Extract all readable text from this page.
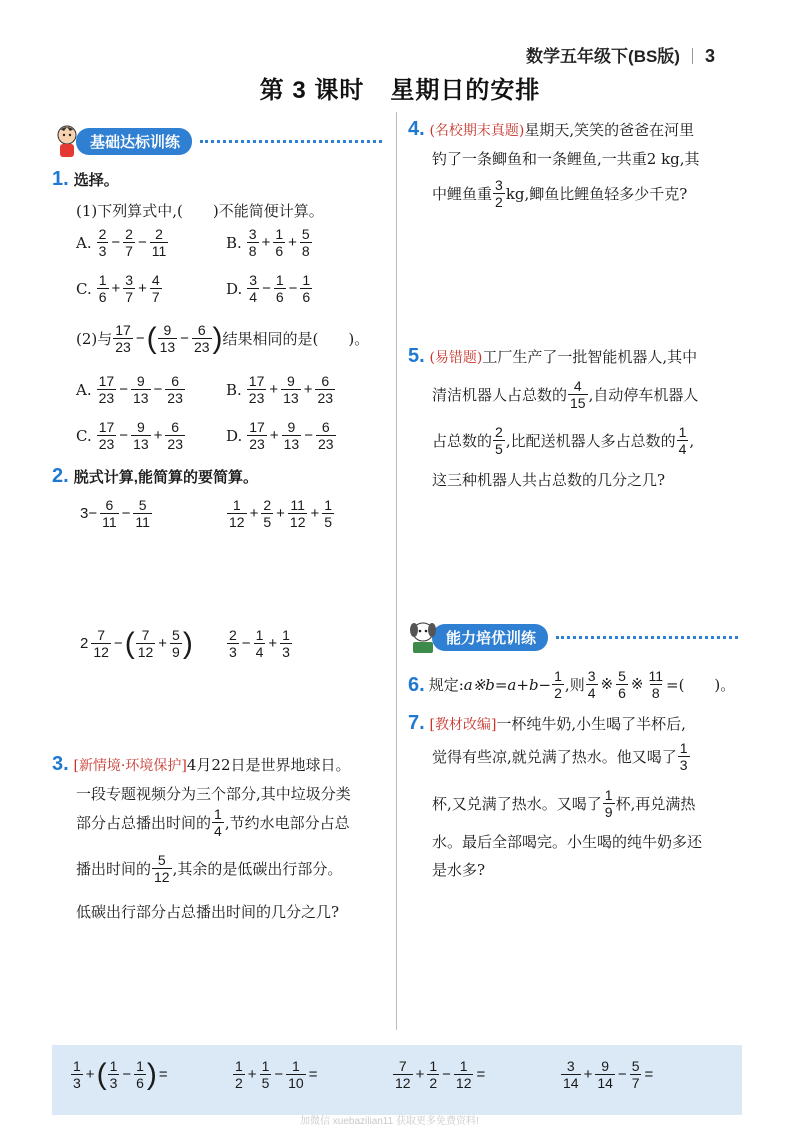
数学五年级下(BS版) 3
第 3 课时 星期日的安排
基础达标训练
1. 选择。
(1)下列算式中,(　　)不能简便计算。
A. $\frac{2}{3} - \frac{2}{7} - \frac{2}{11}$	B. $\frac{3}{8} + \frac{1}{6} + \frac{5}{8}$
C. $\frac{1}{6} + \frac{3}{7} + \frac{4}{7}$	D. $\frac{3}{4} - \frac{1}{6} - \frac{1}{6}$
(2)与 $\frac{17}{23}$ − ( $\frac{9}{13} - \frac{6}{23}$ ) 结果相同的是(　　)。
A. $\frac{17}{23} - \frac{9}{13} - \frac{6}{23}$	B. $\frac{17}{23} + \frac{9}{13} + \frac{6}{23}$
C. $\frac{17}{23} - \frac{9}{13} + \frac{6}{23}$	D. $\frac{17}{23} + \frac{9}{13} - \frac{6}{23}$
2. 脱式计算,能简算的要简算。
$3- \frac{6}{11} - \frac{5}{11}$	$\frac{1}{12} + \frac{2}{5} + \frac{11}{12} + \frac{1}{5}$
$2 \frac{7}{12}$ − ( $\frac{7}{12} + \frac{5}{9}$ ) $\frac{2}{3} - \frac{1}{4} + \frac{1}{3}$
3. [新情境·环境保护]4月22日是世界地球日。
一段专题视频分为三个部分,其中垃圾分类
部分占总播出时间的 $\frac{1}{4}$ ,节约水电部分占总
播出时间的 $\frac{5}{12}$ ,其余的是低碳出行部分。
低碳出行部分占总播出时间的几分之几?
4. (名校期末真题)星期天,笑笑的爸爸在河里
钓了一条鲫鱼和一条鲤鱼,一共重2 kg,其
中鲤鱼重 $\frac{3}{2}$ kg,鲫鱼比鲤鱼轻多少千克?
5. (易错题)工厂生产了一批智能机器人,其中
清洁机器人占总数的 $\frac{4}{15}$ ,自动停车机器人
占总数的 $\frac{2}{5}$ ,比配送机器人多占总数的 $\frac{1}{4}$ ,
这三种机器人共占总数的几分之几?
能力培优训练
6. 规定: a※b=a+b− $\frac{1}{2}$ ,则 $\frac{3}{4}$ ※ $\frac{5}{6}$ ※ $\frac{11}{8}$ =(　　)。
7. [教材改编]一杯纯牛奶,小生喝了半杯后,
觉得有些凉,就兑满了热水。他又喝了 $\frac{1}{3}$
杯,又兑满了热水。又喝了 $\frac{1}{9}$ 杯,再兑满热
水。最后全部喝完。小生喝的纯牛奶多还
是水多?
$\frac{1}{3}$ + ( $\frac{1}{3} - \frac{1}{6}$ ) =	$\frac{1}{2} + \frac{1}{5} - \frac{1}{10}$ =	$\frac{7}{12} + \frac{1}{2} - \frac{1}{12}$ =	$\frac{3}{14} + \frac{9}{14} - \frac{5}{7}$ =
加微信 xuebazilian11 获取更多免费资料!
